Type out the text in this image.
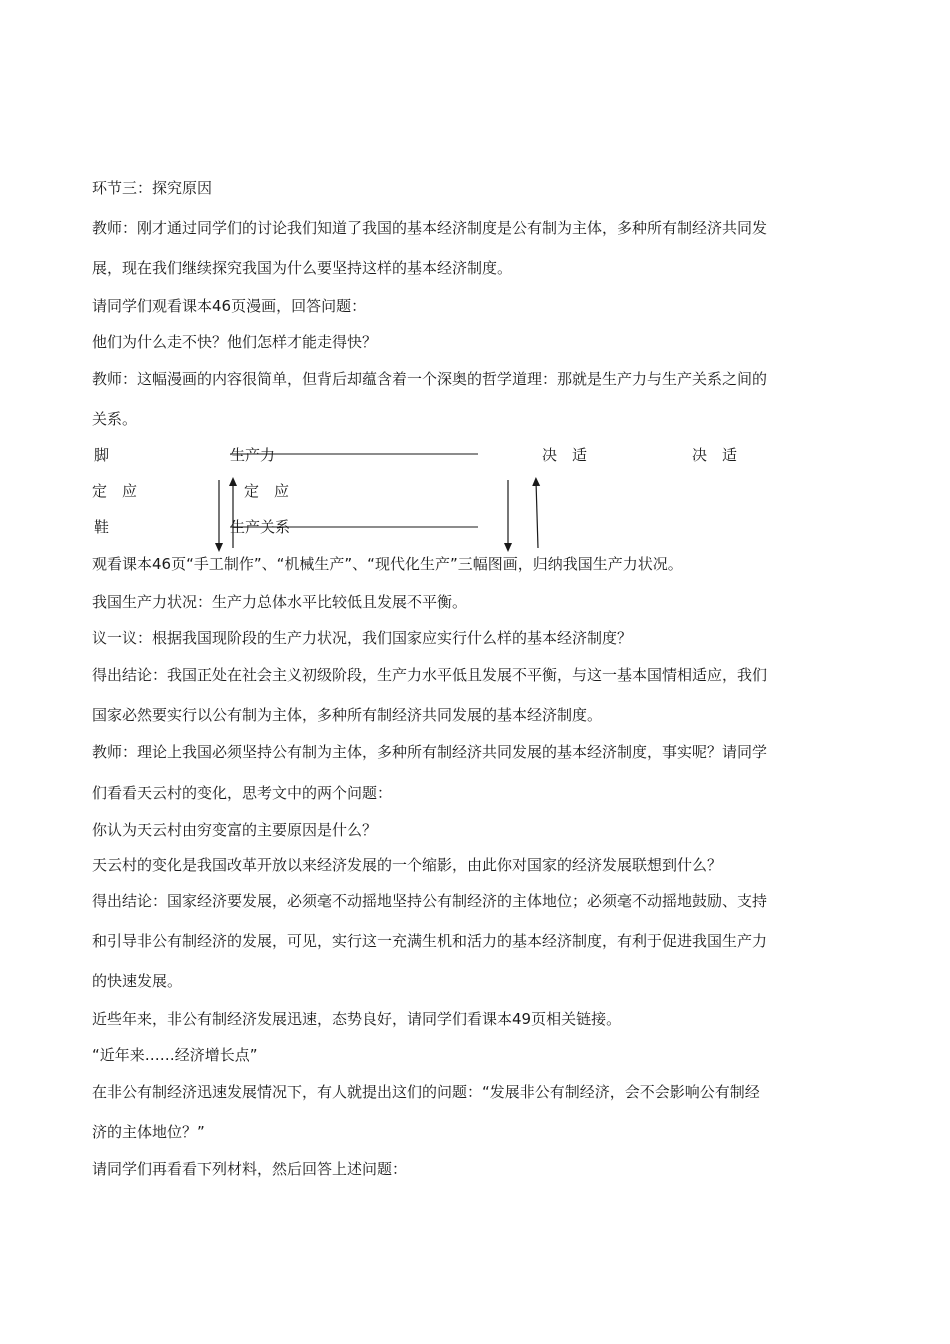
环节三：探究原因
教师：刚才通过同学们的讨论我们知道了我国的基本经济制度是公有制为主体，多种所有制经济共同发
展，现在我们继续探究我国为什么要坚持这样的基本经济制度。
请同学们观看课本46页漫画，回答问题：
他们为什么走不快？他们怎样才能走得快？
教师：这幅漫画的内容很简单，但背后却蕴含着一个深奥的哲学道理：那就是生产力与生产关系之间的
关系。
脚
定　应
鞋
生产力
定　应
生产关系
决　适	决　适
观看课本46页“手工制作”、“机械生产”、“现代化生产”三幅图画，归纳我国生产力状况。
我国生产力状况：生产力总体水平比较低且发展不平衡。
议一议：根据我国现阶段的生产力状况，我们国家应实行什么样的基本经济制度？
得出结论：我国正处在社会主义初级阶段，生产力水平低且发展不平衡，与这一基本国情相适应，我们
国家必然要实行以公有制为主体，多种所有制经济共同发展的基本经济制度。
教师：理论上我国必须坚持公有制为主体，多种所有制经济共同发展的基本经济制度，事实呢？请同学
们看看天云村的变化，思考文中的两个问题：
你认为天云村由穷变富的主要原因是什么？
天云村的变化是我国改革开放以来经济发展的一个缩影，由此你对国家的经济发展联想到什么？
得出结论：国家经济要发展，必须毫不动摇地坚持公有制经济的主体地位；必须毫不动摇地鼓励、支持
和引导非公有制经济的发展，可见，实行这一充满生机和活力的基本经济制度，有利于促进我国生产力
的快速发展。
近些年来，非公有制经济发展迅速，态势良好，请同学们看课本49页相关链接。
“近年来……经济增长点”
在非公有制经济迅速发展情况下，有人就提出这们的问题：“发展非公有制经济，会不会影响公有制经
济的主体地位？”
请同学们再看看下列材料，然后回答上述问题：
